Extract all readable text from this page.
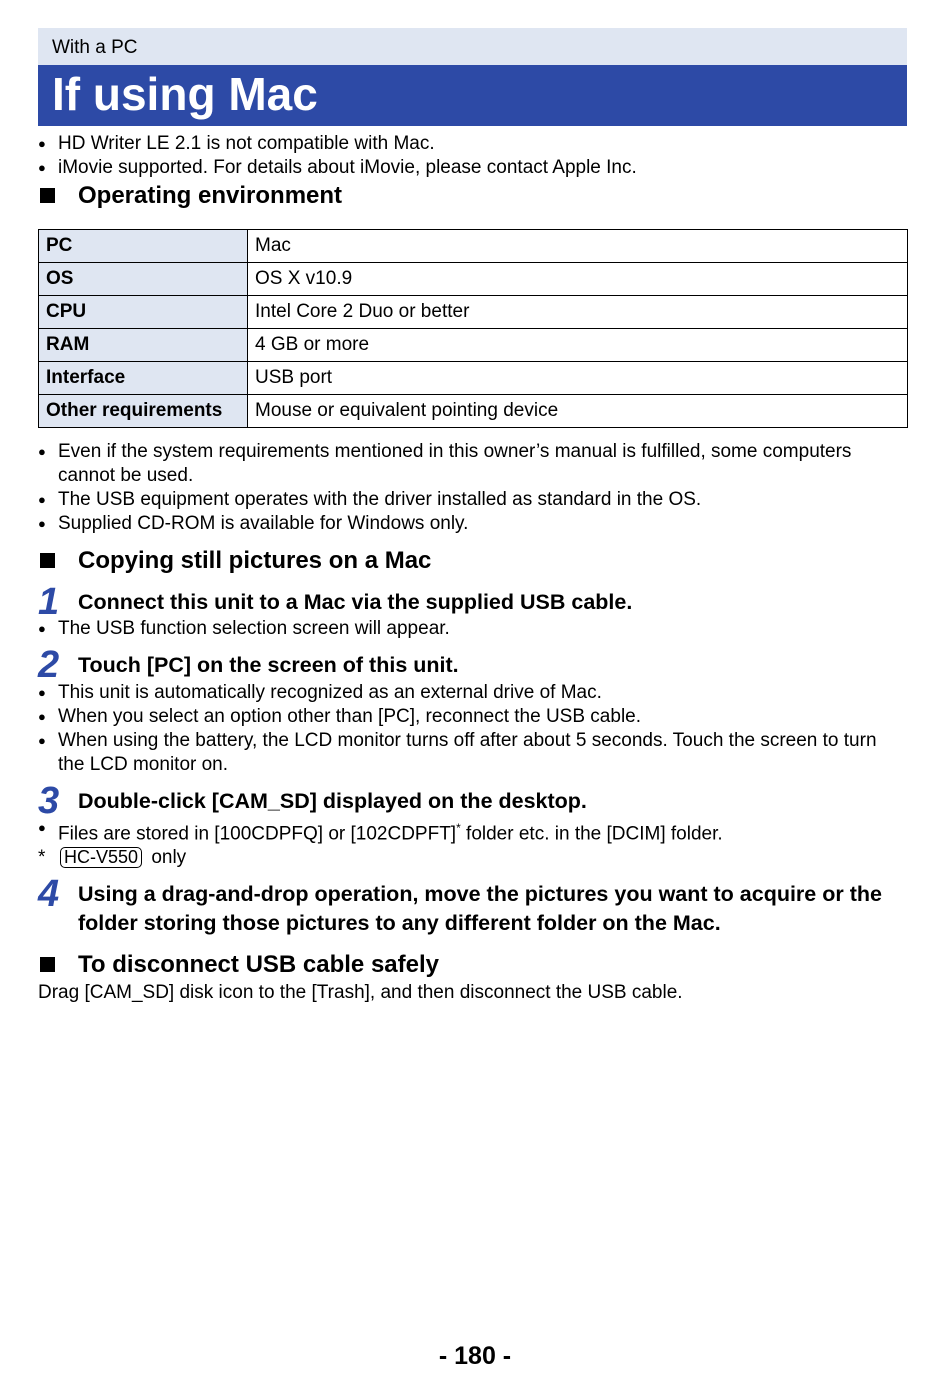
With a PC
If using Mac
● HD Writer LE 2.1 is not compatible with Mac.
● iMovie supported. For details about iMovie, please contact Apple Inc.
Operating environment
PC	Mac
OS	OS X v10.9
CPU	Intel Core 2 Duo or better
RAM	4 GB or more
Interface	USB port
Other requirements	Mouse or equivalent pointing device
● Even if the system requirements mentioned in this owner’s manual is fulfilled, some computers cannot be used.
● The USB equipment operates with the driver installed as standard in the OS.
● Supplied CD-ROM is available for Windows only.
Copying still pictures on a Mac
1 Connect this unit to a Mac via the supplied USB cable.
● The USB function selection screen will appear.
2 Touch [PC] on the screen of this unit.
● This unit is automatically recognized as an external drive of Mac.
● When you select an option other than [PC], reconnect the USB cable.
● When using the battery, the LCD monitor turns off after about 5 seconds. Touch the screen to turn the LCD monitor on.
3 Double-click [CAM_SD] displayed on the desktop.
● Files are stored in [100CDPFQ] or [102CDPFT]* folder etc. in the [DCIM] folder.
* HC-V550 only
4 Using a drag-and-drop operation, move the pictures you want to acquire or the folder storing those pictures to any different folder on the Mac.
To disconnect USB cable safely
Drag [CAM_SD] disk icon to the [Trash], and then disconnect the USB cable.
- 180 -
